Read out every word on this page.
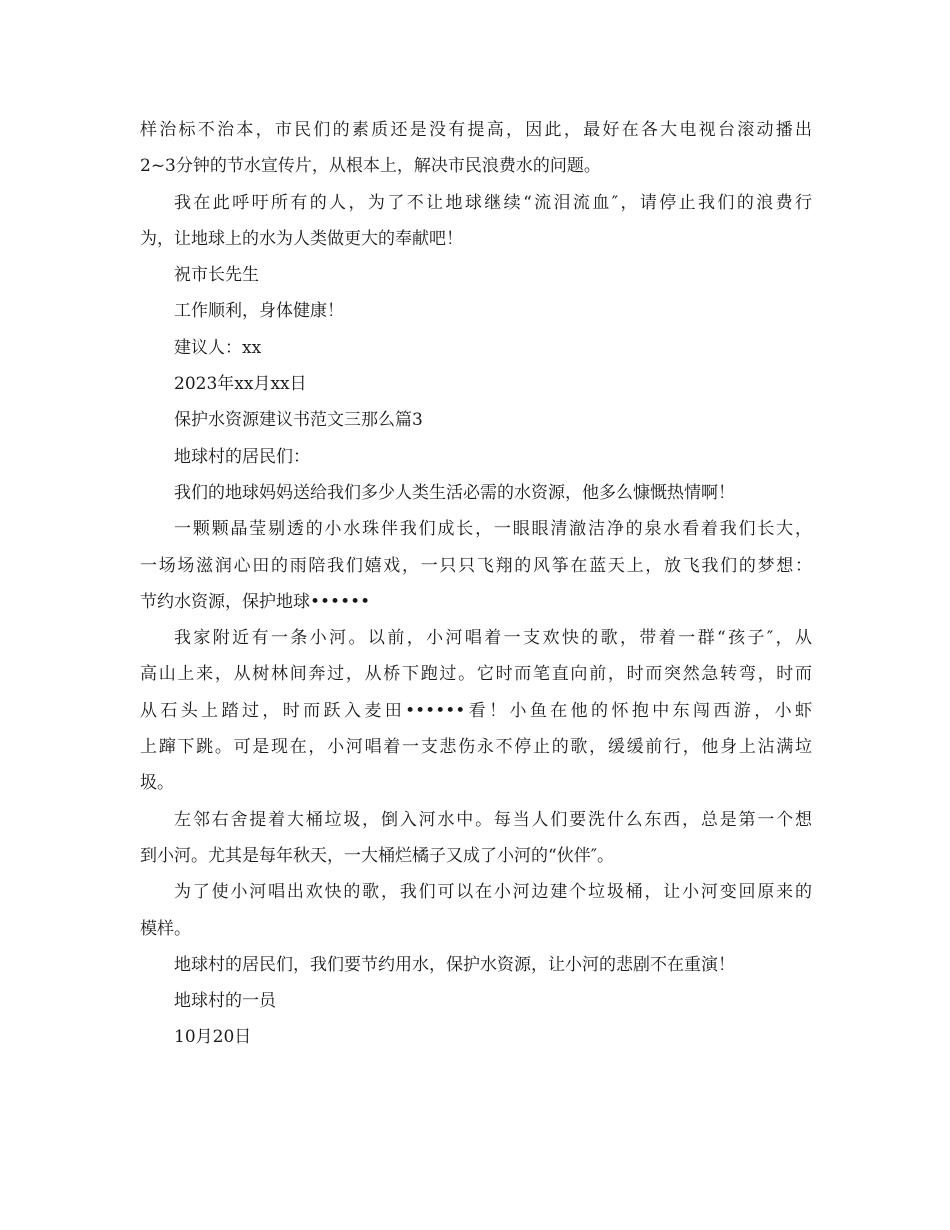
样治标不治本，市民们的素质还是没有提高，因此，最好在各大电视台滚动播出
2~3分钟的节水宣传片，从根本上，解决市民浪费水的问题。

我在此呼吁所有的人，为了不让地球继续“流泪流血″，请停止我们的浪费行
为，让地球上的水为人类做更大的奉献吧！

祝市长先生

工作顺利，身体健康！

建议人：xx

2023年xx月xx日

保护水资源建议书范文三那么篇3

地球村的居民们：

我们的地球妈妈送给我们多少人类生活必需的水资源，他多么慷慨热情啊！

一颗颗晶莹剔透的小水珠伴我们成长，一眼眼清澈洁净的泉水看着我们长大，
一场场滋润心田的雨陪我们嬉戏，一只只飞翔的风筝在蓝天上，放飞我们的梦想：
节约水资源，保护地球••••••

我家附近有一条小河。以前，小河唱着一支欢快的歌，带着一群“孩子″，从
高山上来，从树林间奔过，从桥下跑过。它时而笔直向前，时而突然急转弯，时而
从石头上踏过，时而跃入麦田••••••看！小鱼在他的怀抱中东闯西游，小虾
上蹿下跳。可是现在，小河唱着一支悲伤永不停止的歌，缓缓前行，他身上沾满垃
圾。

左邻右舍提着大桶垃圾，倒入河水中。每当人们要洗什么东西，总是第一个想
到小河。尤其是每年秋天，一大桶烂橘子又成了小河的“伙伴″。

为了使小河唱出欢快的歌，我们可以在小河边建个垃圾桶，让小河变回原来的
模样。

地球村的居民们，我们要节约用水，保护水资源，让小河的悲剧不在重演！

地球村的一员

10月20日
